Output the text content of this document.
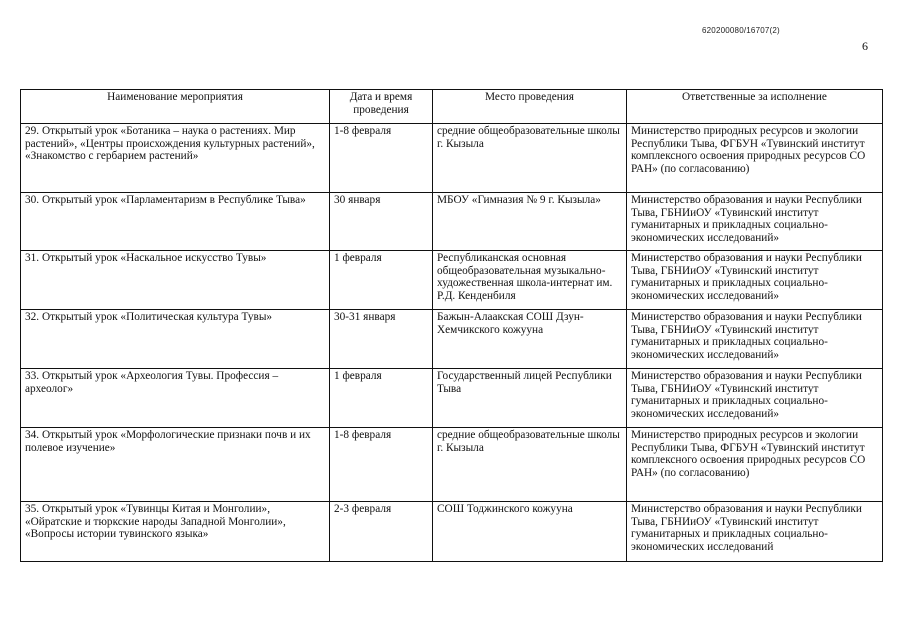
620200080/16707(2)
6
Наименование мероприятия	Дата и время проведения	Место проведения	Ответственные за исполнение
29. Открытый урок «Ботаника – наука о растениях. Мир растений», «Центры происхождения культурных растений», «Знакомство с гербарием растений»	1-8 февраля	средние общеобразовательные школы г. Кызыла	Министерство природных ресурсов и экологии Республики Тыва, ФГБУН «Тувинский институт комплексного освоения природных ресурсов СО РАН» (по согласованию)
30. Открытый урок «Парламентаризм в Республике Тыва»	30 января	МБОУ «Гимназия № 9 г. Кызыла»	Министерство образования и науки Республики Тыва, ГБНИиОУ «Тувинский институт гуманитарных и прикладных социально-экономических исследований»
31. Открытый урок «Наскальное искусство Тувы»	1 февраля	Республиканская основная общеобразовательная музыкально-художественная школа-интернат им. Р.Д. Кенденбиля	Министерство образования и науки Республики Тыва, ГБНИиОУ «Тувинский институт гуманитарных и прикладных социально-экономических исследований»
32. Открытый урок «Политическая культура Тувы»	30-31 января	Бажын-Алаакская СОШ Дзун-Хемчикского кожууна	Министерство образования и науки Республики Тыва, ГБНИиОУ «Тувинский институт гуманитарных и прикладных социально-экономических исследований»
33. Открытый урок «Археология Тувы. Профессия – археолог»	1 февраля	Государственный лицей Республики Тыва	Министерство образования и науки Республики Тыва, ГБНИиОУ «Тувинский институт гуманитарных и прикладных социально-экономических исследований»
34. Открытый урок «Морфологические признаки почв и их полевое изучение»	1-8 февраля	средние общеобразовательные школы г. Кызыла	Министерство природных ресурсов и экологии Республики Тыва, ФГБУН «Тувинский институт комплексного освоения природных ресурсов СО РАН» (по согласованию)
35. Открытый урок «Тувинцы Китая и Монголии», «Ойратские и тюркские народы Западной Монголии», «Вопросы истории тувинского языка»	2-3 февраля	СОШ Тоджинского кожууна	Министерство образования и науки Республики Тыва, ГБНИиОУ «Тувинский институт гуманитарных и прикладных социально-экономических исследований
